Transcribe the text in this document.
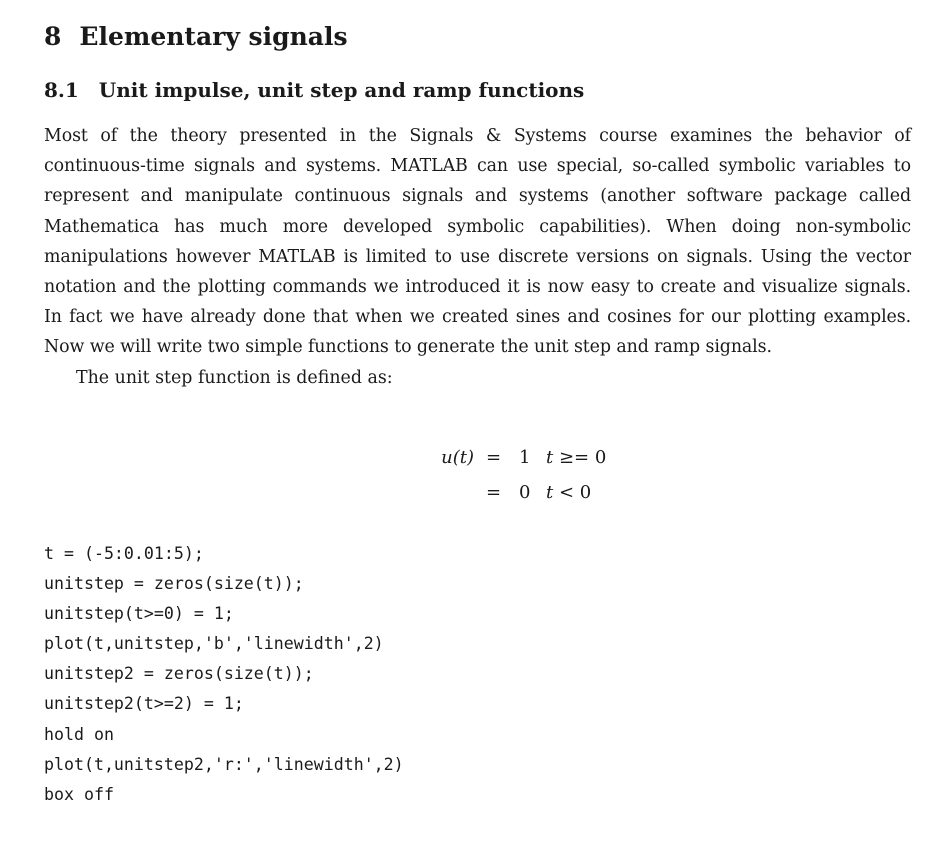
8 Elementary signals
8.1 Unit impulse, unit step and ramp functions

Most of the theory presented in the Signals & Systems course examines the behavior of continuous-time signals and systems. MATLAB can use special, so-called symbolic variables to represent and manipulate continuous signals and systems (another software package called Mathematica has much more developed symbolic capabilities). When doing non-symbolic manipulations however MATLAB is limited to use discrete versions on signals. Using the vector notation and the plotting commands we introduced it is now easy to create and visualize signals. In fact we have already done that when we created sines and cosines for our plotting examples. Now we will write two simple functions to generate the unit step and ramp signals.

The unit step function is defined as:

u(t) = 1 t ≥= 0
= 0 t < 0
t = (-5:0.01:5);
unitstep = zeros(size(t));
unitstep(t>=0) = 1;
plot(t,unitstep,'b','linewidth',2)
unitstep2 = zeros(size(t));
unitstep2(t>=2) = 1;
hold on
plot(t,unitstep2,'r:','linewidth',2)
box off
